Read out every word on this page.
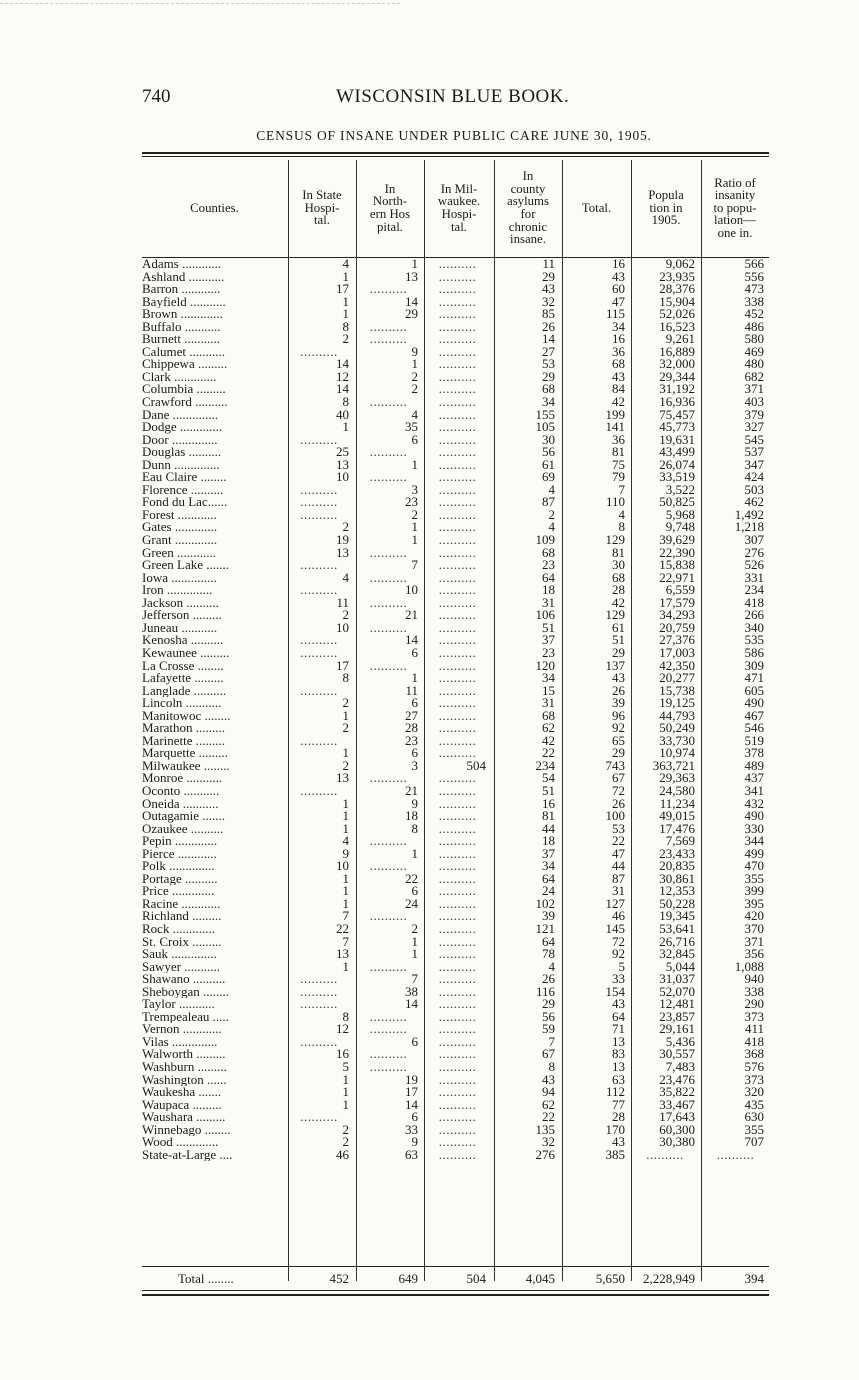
740	WISCONSIN BLUE BOOK.
CENSUS OF INSANE UNDER PUBLIC CARE JUNE 30, 1905.
Counties.
In State
Hospi-
tal.
In
North-
ern Hos
pital.
In Mil-
waukee.
Hospi-
tal.
In
county
asylums
for
chronic
insane.
Total.
Popula
tion in
1905.
Ratio of
insanity
to popu-
lation—
one in.
Adams ............	4	1	..........	11	16	9,062	566
Ashland ...........	1	13	..........	29	43	23,935	556
Barron ............	17	..........	..........	43	60	28,376	473
Bayfield ...........	1	14	..........	32	47	15,904	338
Brown .............	1	29	..........	85	115	52,026	452
Buffalo ...........	8	..........	..........	26	34	16,523	486
Burnett ...........	2	..........	..........	14	16	9,261	580
Calumet ...........	..........	9	..........	27	36	16,889	469
Chippewa .........	14	1	..........	53	68	32,000	480
Clark .............	12	2	..........	29	43	29,344	682
Columbia .........	14	2	..........	68	84	31,192	371
Crawford ..........	8	..........	..........	34	42	16,936	403
Dane ..............	40	4	..........	155	199	75,457	379
Dodge .............	1	35	..........	105	141	45,773	327
Door ..............	..........	6	..........	30	36	19,631	545
Douglas ..........	25	..........	..........	56	81	43,499	537
Dunn ..............	13	1	..........	61	75	26,074	347
Eau Claire ........	10	..........	..........	69	79	33,519	424
Florence ..........	..........	3	..........	4	7	3,522	503
Fond du Lac......	..........	23	..........	87	110	50,825	462
Forest ............	..........	2	..........	2	4	5,968	1,492
Gates .............	2	1	..........	4	8	9,748	1,218
Grant .............	19	1	..........	109	129	39,629	307
Green ............	13	..........	..........	68	81	22,390	276
Green Lake .......	..........	7	..........	23	30	15,838	526
Iowa ..............	4	..........	..........	64	68	22,971	331
Iron ..............	..........	10	..........	18	28	6,559	234
Jackson ..........	11	..........	..........	31	42	17,579	418
Jefferson .........	2	21	..........	106	129	34,293	266
Juneau ...........	10	..........	..........	51	61	20,759	340
Kenosha ..........	..........	14	..........	37	51	27,376	535
Kewaunee .........	..........	6	..........	23	29	17,003	586
La Crosse ........	17	..........	..........	120	137	42,350	309
Lafayette .........	8	1	..........	34	43	20,277	471
Langlade ..........	..........	11	..........	15	26	15,738	605
Lincoln ...........	2	6	..........	31	39	19,125	490
Manitowoc ........	1	27	..........	68	96	44,793	467
Marathon .........	2	28	..........	62	92	50,249	546
Marinette .........	..........	23	..........	42	65	33,730	519
Marquette .........	1	6	..........	22	29	10,974	378
Milwaukee ........	2	3	504	234	743	363,721	489
Monroe ...........	13	..........	..........	54	67	29,363	437
Oconto ...........	..........	21	..........	51	72	24,580	341
Oneida ...........	1	9	..........	16	26	11,234	432
Outagamie .......	1	18	..........	81	100	49,015	490
Ozaukee ..........	1	8	..........	44	53	17,476	330
Pepin .............	4	..........	..........	18	22	7,569	344
Pierce ............	9	1	..........	37	47	23,433	499
Polk ..............	10	..........	..........	34	44	20,835	470
Portage ..........	1	22	..........	64	87	30,861	355
Price .............	1	6	..........	24	31	12,353	399
Racine ............	1	24	..........	102	127	50,228	395
Richland .........	7	..........	..........	39	46	19,345	420
Rock .............	22	2	..........	121	145	53,641	370
St. Croix .........	7	1	..........	64	72	26,716	371
Sauk ..............	13	1	..........	78	92	32,845	356
Sawyer ...........	1	..........	..........	4	5	5,044	1,088
Shawano ..........	..........	7	..........	26	33	31,037	940
Sheboygan ........	..........	38	..........	116	154	52,070	338
Taylor ...........	..........	14	..........	29	43	12,481	290
Trempealeau .....	8	..........	..........	56	64	23,857	373
Vernon ............	12	..........	..........	59	71	29,161	411
Vilas ..............	..........	6	..........	7	13	5,436	418
Walworth .........	16	..........	..........	67	83	30,557	368
Washburn .........	5	..........	..........	8	13	7,483	576
Washington ......	1	19	..........	43	63	23,476	373
Waukesha .......	1	17	..........	94	112	35,822	320
Waupaca .........	1	14	..........	62	77	33,467	435
Waushara .........	..........	6	..........	22	28	17,643	630
Winnebago ........	2	33	..........	135	170	60,300	355
Wood .............	2	9	..........	32	43	30,380	707
State-at-Large ....	46	63	..........	276	385	..........	..........
Total ........	452	649	504	4,045	5,650	2,228,949	394
